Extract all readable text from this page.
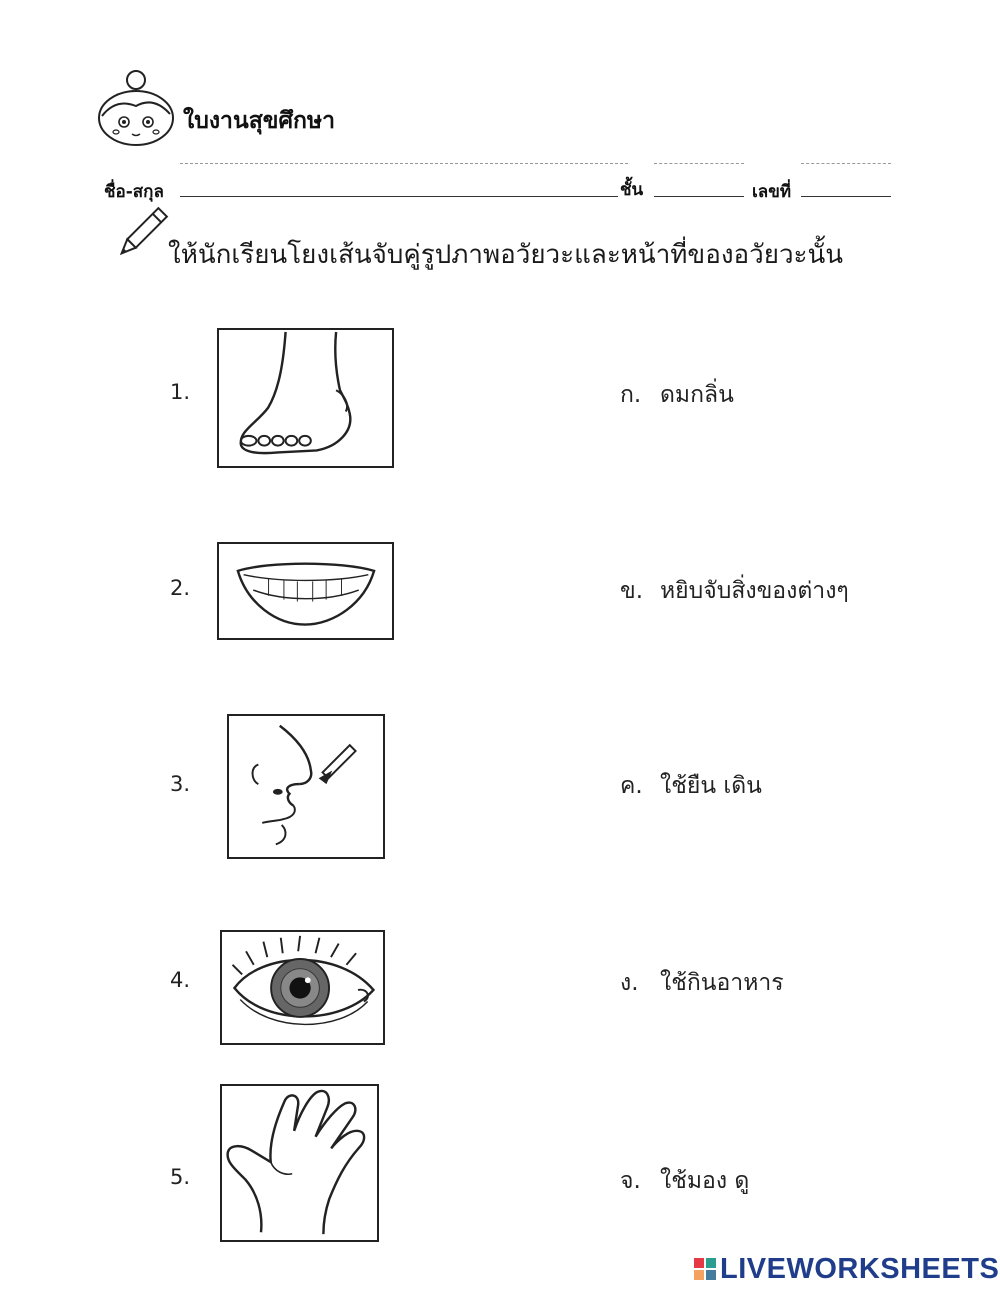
ใบงานสุขศึกษา
ชื่อ-สกุล	ชั้น	เลขที่
ให้นักเรียนโยงเส้นจับคู่รูปภาพอวัยวะและหน้าที่ของอวัยวะนั้น
1.
2.
3.
4.
5.
ก. ดมกลิ่น
ข. หยิบจับสิ่งของต่างๆ
ค. ใช้ยืน เดิน
ง. ใช้กินอาหาร
จ. ใช้มอง ดู
LIVEWORKSHEETS
